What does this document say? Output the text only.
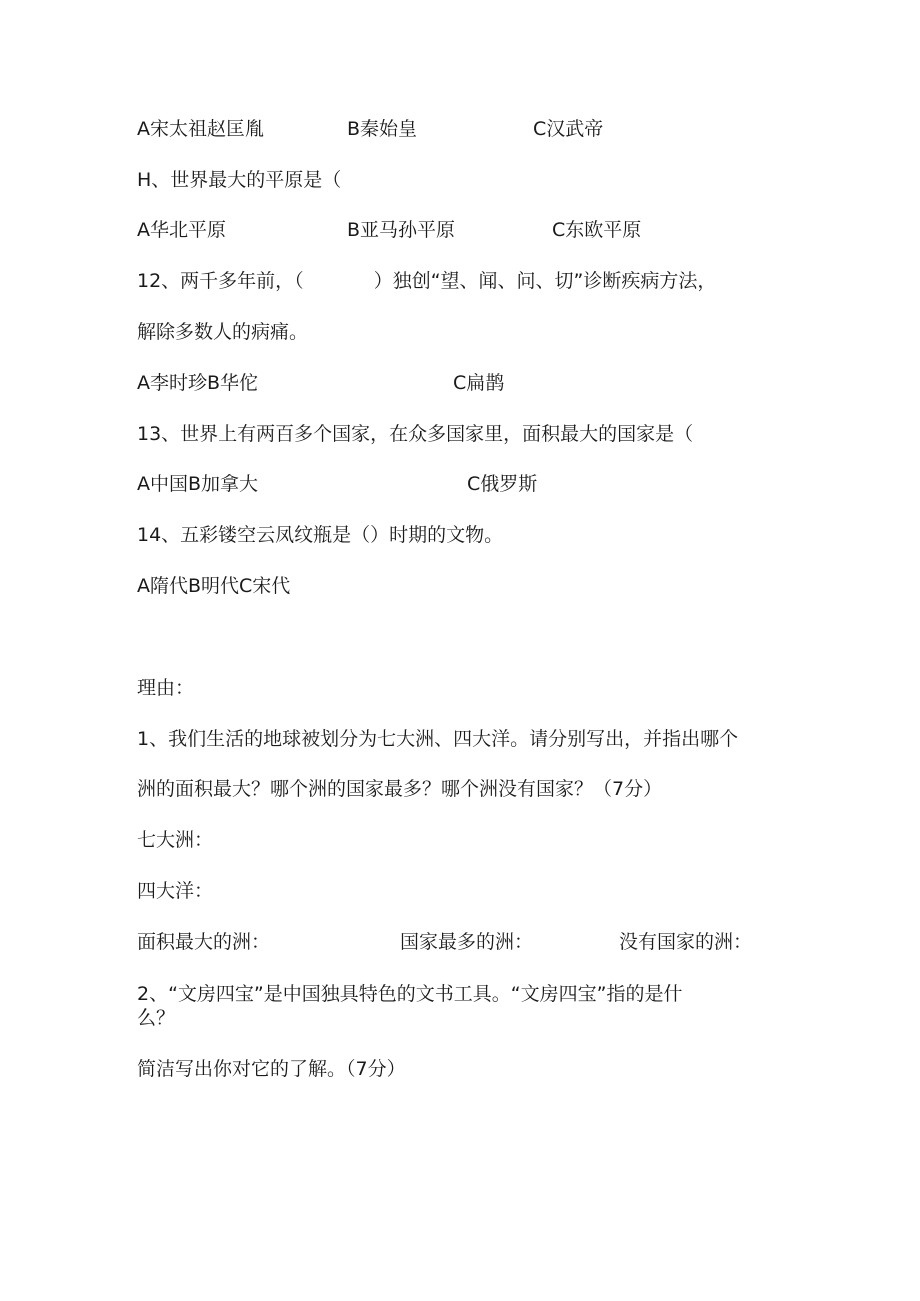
A宋太祖赵匡胤	B秦始皇	C汉武帝
H、世界最大的平原是（
A华北平原	B亚马孙平原	C东欧平原
12、两千多年前，（	）独创“望、闻、问、切”诊断疾病方法，
解除多数人的病痛。
A李时珍B华佗	C扁鹊
13、世界上有两百多个国家，在众多国家里，面积最大的国家是（
A中国B加拿大	C俄罗斯
14、五彩镂空云凤纹瓶是（）时期的文物。
A隋代B明代C宋代
理由：
1、我们生活的地球被划分为七大洲、四大洋。请分别写出，并指出哪个
洲的面积最大？哪个洲的国家最多？哪个洲没有国家？（7分）
七大洲：
四大洋：
面积最大的洲：	国家最多的洲：	没有国家的洲：
2、“文房四宝”是中国独具特色的文书工具。“文房四宝”指的是什
么？
简洁写出你对它的了解。（7分）
